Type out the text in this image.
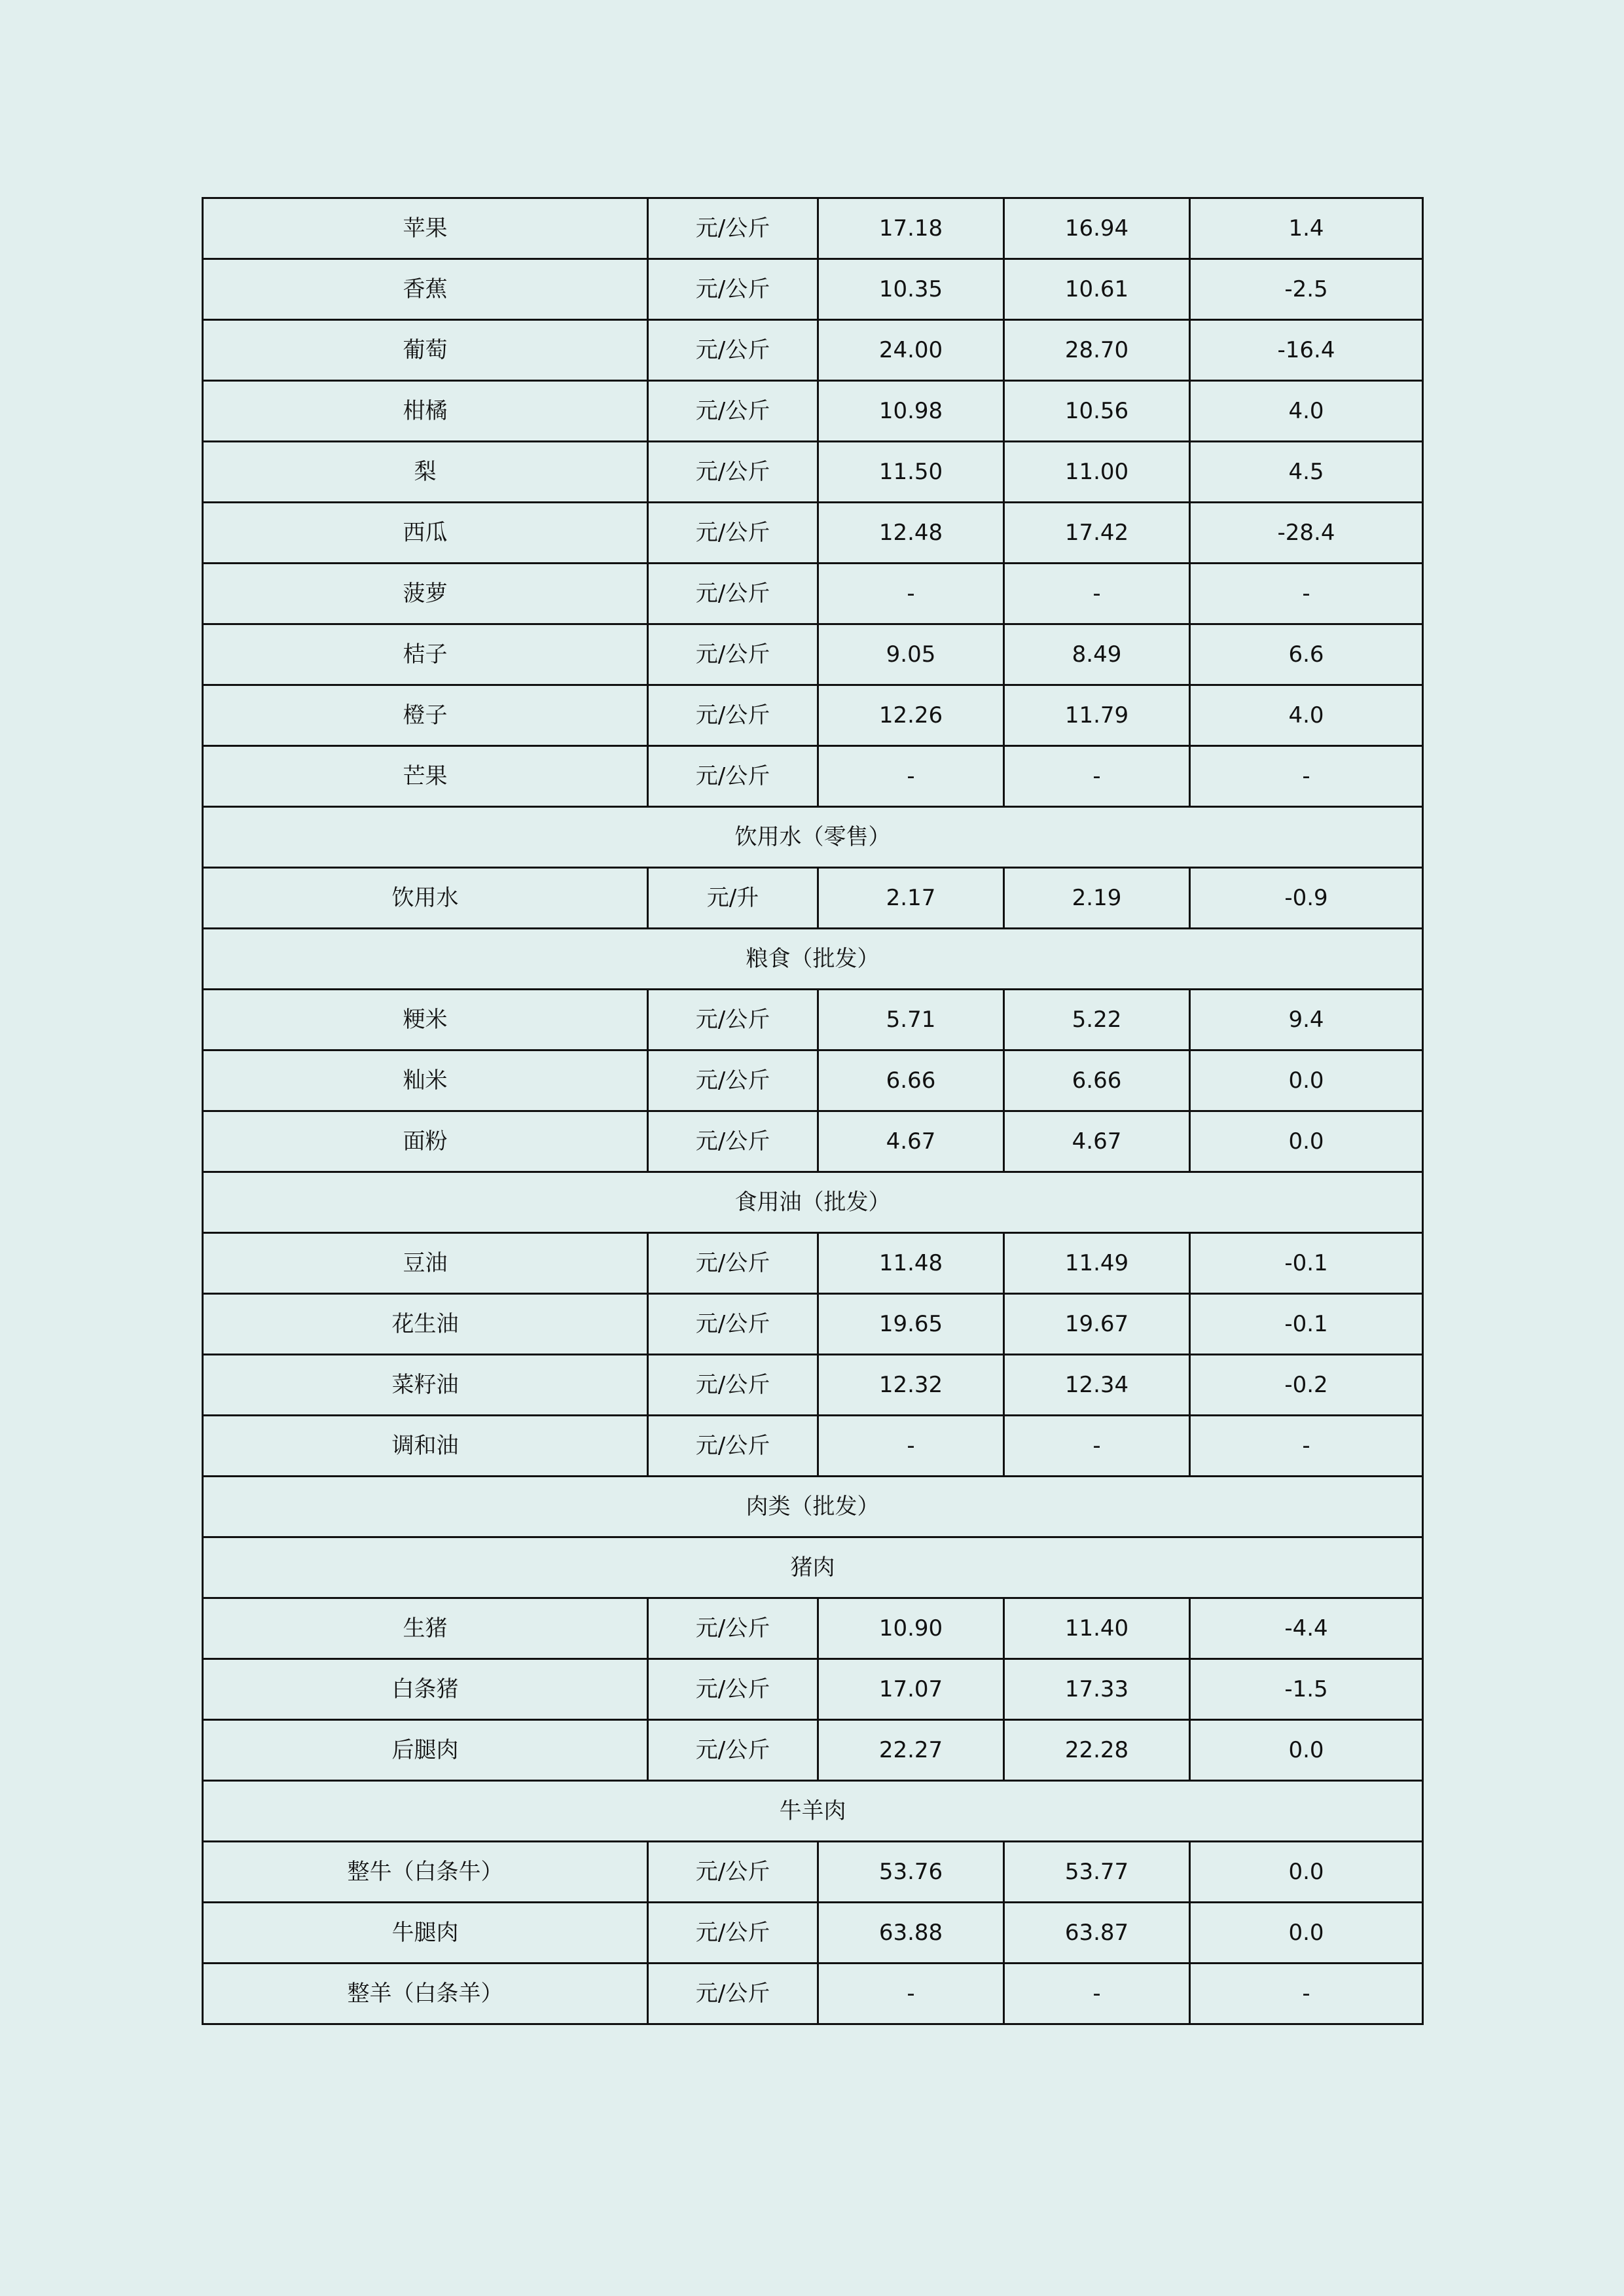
苹果	元/公斤	17.18	16.94	1.4
香蕉	元/公斤	10.35	10.61	-2.5
葡萄	元/公斤	24.00	28.70	-16.4
柑橘	元/公斤	10.98	10.56	4.0
梨	元/公斤	11.50	11.00	4.5
西瓜	元/公斤	12.48	17.42	-28.4
菠萝	元/公斤	-	-	-
桔子	元/公斤	9.05	8.49	6.6
橙子	元/公斤	12.26	11.79	4.0
芒果	元/公斤	-	-	-
饮用水（零售）				
饮用水	元/升	2.17	2.19	-0.9
粮食（批发）				
粳米	元/公斤	5.71	5.22	9.4
籼米	元/公斤	6.66	6.66	0.0
面粉	元/公斤	4.67	4.67	0.0
食用油（批发）				
豆油	元/公斤	11.48	11.49	-0.1
花生油	元/公斤	19.65	19.67	-0.1
菜籽油	元/公斤	12.32	12.34	-0.2
调和油	元/公斤	-	-	-
肉类（批发）				
猪肉				
生猪	元/公斤	10.90	11.40	-4.4
白条猪	元/公斤	17.07	17.33	-1.5
后腿肉	元/公斤	22.27	22.28	0.0
牛羊肉				
整牛（白条牛）	元/公斤	53.76	53.77	0.0
牛腿肉	元/公斤	63.88	63.87	0.0
整羊（白条羊）	元/公斤	-	-	-
